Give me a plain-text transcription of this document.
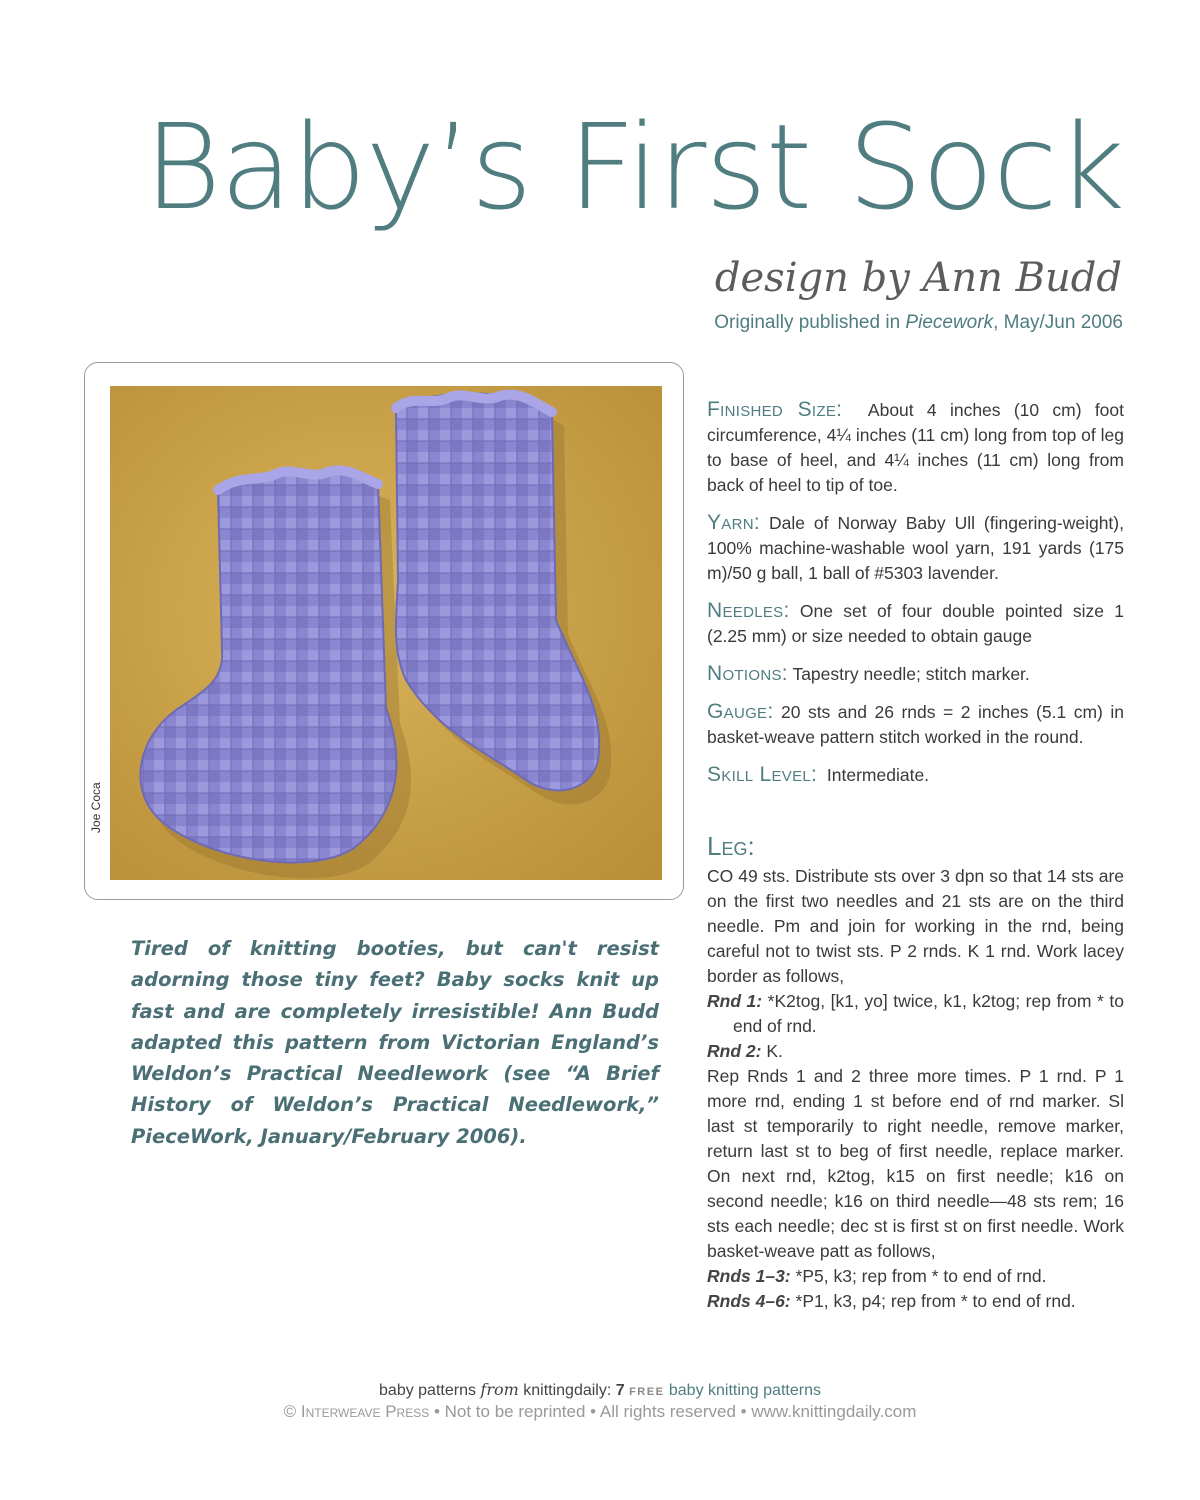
Baby’s First Sock

design by Ann Budd

Originally published in Piecework, May/Jun 2006

Joe Coca

Tired of knitting booties, but can't resist adorning those tiny feet? Baby socks knit up fast and are completely irresistible! Ann Budd adapted this pattern from Victorian England’s Weldon’s Practical Needlework (see “A Brief History of Weldon’s Practical Needlework,” PieceWork, January/February 2006).

Finished Size: About 4 inches (10 cm) foot circumference, 4¼ inches (11 cm) long from top of leg to base of heel, and 4¼ inches (11 cm) long from back of heel to tip of toe.

Yarn: Dale of Norway Baby Ull (fingering-weight), 100% machine-washable wool yarn, 191 yards (175 m)/50 g ball, 1 ball of #5303 lavender.

Needles: One set of four double pointed size 1 (2.25 mm) or size needed to obtain gauge

Notions: Tapestry needle; stitch marker.

Gauge: 20 sts and 26 rnds = 2 inches (5.1 cm) in basket-weave pattern stitch worked in the round.

Skill Level: Intermediate.

Leg:

CO 49 sts. Distribute sts over 3 dpn so that 14 sts are on the first two needles and 21 sts are on the third needle. Pm and join for working in the rnd, being careful not to twist sts. P 2 rnds. K 1 rnd. Work lacey border as follows,

Rnd 1: *K2tog, [k1, yo] twice, k1, k2tog; rep from * to end of rnd.

Rnd 2: K.

Rep Rnds 1 and 2 three more times. P 1 rnd. P 1 more rnd, ending 1 st before end of rnd marker. Sl last st temporarily to right needle, remove marker, return last st to beg of first needle, replace marker. On next rnd, k2tog, k15 on first needle; k16 on second needle; k16 on third needle—48 sts rem; 16 sts each needle; dec st is first st on first needle. Work basket-weave patt as follows,

Rnds 1–3: *P5, k3; rep from * to end of rnd.

Rnds 4–6: *P1, k3, p4; rep from * to end of rnd.

baby patterns from knittingdaily: 7 free baby knitting patterns
© Interweave Press • Not to be reprinted • All rights reserved • www.knittingdaily.com
